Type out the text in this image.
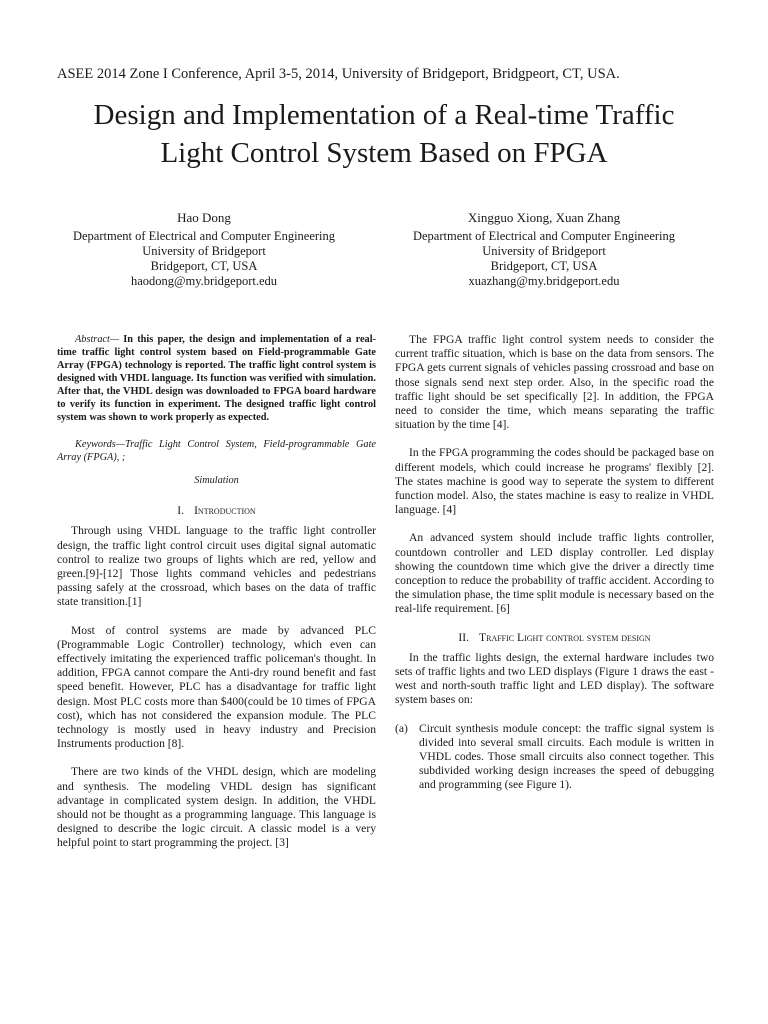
ASEE 2014 Zone I Conference, April 3-5, 2014, University of Bridgeport, Bridgpeort, CT, USA.
Design and Implementation of a Real-time Traffic
Light Control System Based on FPGA
Hao Dong
Department of Electrical and Computer Engineering
University of Bridgeport
Bridgeport, CT, USA
haodong@my.bridgeport.edu
Xingguo Xiong, Xuan Zhang
Department of Electrical and Computer Engineering
University of Bridgeport
Bridgeport, CT, USA
xuazhang@my.bridgeport.edu

Abstract— In this paper, the design and implementation of a real-time traffic light control system based on Field-programmable Gate Array (FPGA) technology is reported. The traffic light control system is designed with VHDL language. Its function was verified with simulation. After that, the VHDL design was downloaded to FPGA board hardware to verify its function in experiment. The designed traffic light control system was shown to work properly as expected.

Keywords—Traffic Light Control System, Field-programmable Gate Array (FPGA), ;

Simulation
I. Introduction

Through using VHDL language to the traffic light controller design, the traffic light control circuit uses digital signal automatic control to realize two groups of lights which are red, yellow and green.[9]-[12] Those lights command vehicles and pedestrians passing safely at the crossroad, which bases on the data of traffic state transition.[1]

Most of control systems are made by advanced PLC (Programmable Logic Controller) technology, which even can effectively imitating the experienced traffic policeman's thought. In addition, FPGA cannot compare the Anti-dry round benefit and fast speed benefit. However, PLC has a disadvantage for traffic light design. Most PLC costs more than $400(could be 10 times of FPGA cost), which has not considered the expansion module. The PLC technology is mostly used in heavy industry and Precision Instruments production [8].

There are two kinds of the VHDL design, which are modeling and synthesis. The modeling VHDL design has significant advantage in complicated system design. In addition, the VHDL should not be thought as a programming language. This language is designed to describe the logic circuit. A classic model is a very helpful point to start programming the project. [3]

The FPGA traffic light control system needs to consider the current traffic situation, which is base on the data from sensors. The FPGA gets current signals of vehicles passing crossroad and base on those signals send next step order. Also, in the specific road the traffic light should be set specifically [2]. In addition, the FPGA need to consider the time, which means separating the traffic situation by the time [4].

In the FPGA programming the codes should be packaged base on different models, which could increase he programs' flexibly [2]. The states machine is good way to seperate the system to different function model. Also, the states machine is easy to realize in VHDL language. [4]

An advanced system should include traffic lights controller, countdown controller and LED display controller. Led display showing the countdown time which give the driver a directly time conception to reduce the probability of traffic accident. According to the simulation phase, the time split module is necessary based on the real-life requirement. [6]

II. Traffic Light control system design

In the traffic lights design, the external hardware includes two sets of traffic lights and two LED displays (Figure 1 draws the east - west and north-south traffic light and LED display). The software system bases on:

(a) Circuit synthesis module concept: the traffic signal system is divided into several small circuits. Each module is written in VHDL codes. Those small circuits also connect together. This subdivided working design increases the speed of debugging and programming (see Figure 1).
